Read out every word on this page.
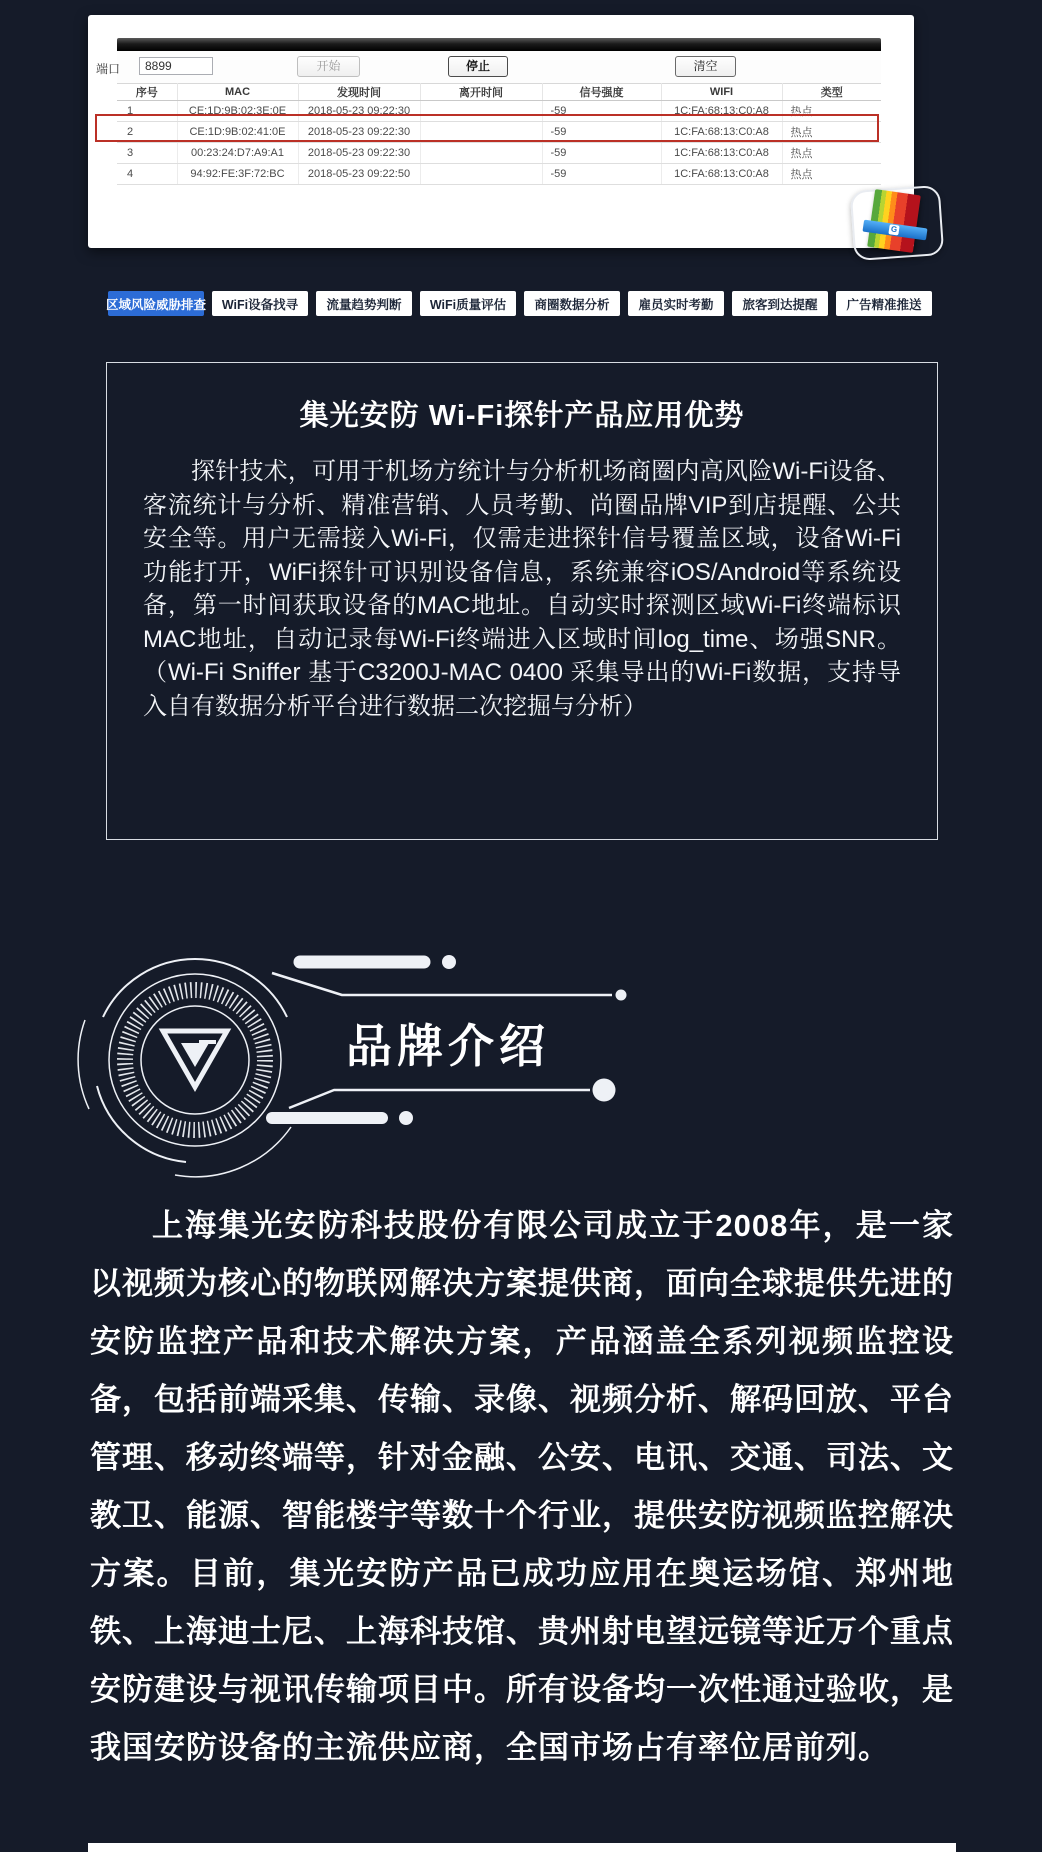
端口
8899	开始	停止	清空
序号	MAC	发现时间	离开时间	信号强度	WIFI	类型
1	CE:1D:9B:02:3E:0E	2018-05-23 09:22:30		-59	1C:FA:68:13:C0:A8	热点
2	CE:1D:9B:02:41:0E	2018-05-23 09:22:30		-59	1C:FA:68:13:C0:A8	热点
3	00:23:24:D7:A9:A1	2018-05-23 09:22:30		-59	1C:FA:68:13:C0:A8	热点
4	94:92:FE:3F:72:BC	2018-05-23 09:22:50		-59	1C:FA:68:13:C0:A8	热点
G
区域风险威胁排查	WiFi设备找寻	流量趋势判断	WiFi质量评估	商圈数据分析	雇员实时考勤	旅客到达提醒	广告精准推送
集光安防 Wi-Fi探针产品应用优势

探针技术，可用于机场方统计与分析机场商圈内高风险Wi-Fi设备、客流统计与分析、精准营销、人员考勤、尚圈品牌VIP到店提醒、公共安全等。用户无需接入Wi-Fi，仅需走进探针信号覆盖区域，设备Wi-Fi功能打开，WiFi探针可识别设备信息，系统兼容iOS/Android等系统设备，第一时间获取设备的MAC地址。自动实时探测区域Wi-Fi终端标识MAC地址，自动记录每Wi-Fi终端进入区域时间log_time、场强SNR。（Wi-Fi Sniffer 基于C3200J-MAC 0400 采集导出的Wi-Fi数据，支持导入自有数据分析平台进行数据二次挖掘与分析）

品牌介绍

上海集光安防科技股份有限公司成立于2008年，是一家以视频为核心的物联网解决方案提供商，面向全球提供先进的安防监控产品和技术解决方案，产品涵盖全系列视频监控设备，包括前端采集、传输、录像、视频分析、解码回放、平台管理、移动终端等，针对金融、公安、电讯、交通、司法、文教卫、能源、智能楼宇等数十个行业，提供安防视频监控解决方案。目前，集光安防产品已成功应用在奥运场馆、郑州地铁、上海迪士尼、上海科技馆、贵州射电望远镜等近万个重点安防建设与视讯传输项目中。所有设备均一次性通过验收，是我国安防设备的主流供应商，全国市场占有率位居前列。
